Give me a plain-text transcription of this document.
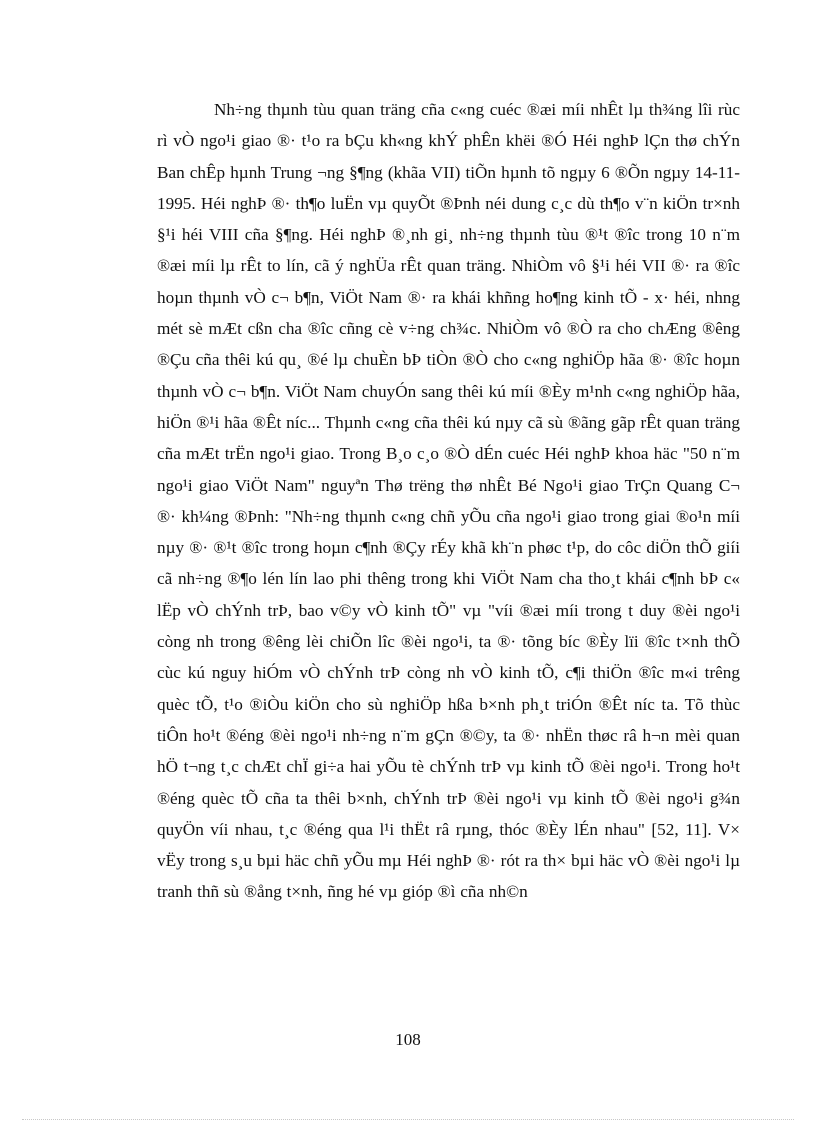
Nh÷ng thµnh tùu quan träng cña c«ng cuéc ®æi míi nhÊt lµ th¾ng lîi rùc rì vÒ ngo¹i giao ®· t¹o ra bÇu kh«ng khÝ phÊn khëi ®Ó Héi nghÞ lÇn thø chÝn Ban chÊp hµnh Trung ¬ng §¶ng (khãa VII) tiÕn hµnh tõ ngµy 6 ®Õn ngµy 14-11-1995. Héi nghÞ ®· th¶o luËn vµ quyÕt ®Þnh néi dung c¸c dù th¶o v¨n kiÖn tr×nh §¹i héi VIII cña §¶ng. Héi nghÞ ®¸nh gi¸ nh÷ng thµnh tùu ®¹t ®îc trong 10 n¨m ®æi míi lµ rÊt to lín, cã ý nghÜa rÊt quan träng. NhiÒm vô §¹i héi VII ®· ra ®îc hoµn thµnh vÒ c¬ b¶n, ViÖt Nam ®· ra khái khñng ho¶ng kinh tÕ - x· héi, nhng mét sè mÆt cßn cha ®îc cñng cè v÷ng ch¾c. NhiÒm vô ®Ò ra cho chÆng ®êng ®Çu cña thêi kú qu¸ ®é lµ chuÈn bÞ tiÒn ®Ò cho c«ng nghiÖp hãa ®· ®îc hoµn thµnh vÒ c¬ b¶n. ViÖt Nam chuyÓn sang thêi kú míi ®Èy m¹nh c«ng nghiÖp hãa, hiÖn ®¹i hãa ®Êt níc... Thµnh c«ng cña thêi kú nµy cã sù ®ãng gãp rÊt quan träng cña mÆt trËn ngo¹i giao. Trong B¸o c¸o ®Ò dÉn cuéc Héi nghÞ khoa häc "50 n¨m ngo¹i giao ViÖt Nam" nguyªn Thø trëng thø nhÊt Bé Ngo¹i giao TrÇn Quang C¬ ®· kh¼ng ®Þnh: "Nh÷ng thµnh c«ng chñ yÕu cña ngo¹i giao trong giai ®o¹n míi nµy ®· ®¹t ®îc trong hoµn c¶nh ®Çy rÉy khã kh¨n phøc t¹p, do côc diÖn thÕ giíi cã nh÷ng ®¶o lén lín lao phi thêng trong khi ViÖt Nam cha tho¸t khái c¶nh bÞ c« lËp vÒ chÝnh trÞ, bao v©y vÒ kinh tÕ" vµ "víi ®æi míi trong t duy ®èi ngo¹i còng nh trong ®êng lèi chiÕn lîc ®èi ngo¹i, ta ®· tõng bíc ®Èy lïi ®îc t×nh thÕ cùc kú nguy hiÓm vÒ chÝnh trÞ còng nh vÒ kinh tÕ, c¶i thiÖn ®îc m«i trêng quèc tÕ, t¹o ®iÒu kiÖn cho sù nghiÖp hßa b×nh ph¸t triÓn ®Êt níc ta. Tõ thùc tiÔn ho¹t ®éng ®èi ngo¹i nh÷ng n¨m gÇn ®©y, ta ®· nhËn thøc râ h¬n mèi quan hÖ t¬ng t¸c chÆt chÏ gi÷a hai yÕu tè chÝnh trÞ vµ kinh tÕ ®èi ngo¹i. Trong ho¹t ®éng quèc tÕ cña ta thêi b×nh, chÝnh trÞ ®èi ngo¹i vµ kinh tÕ ®èi ngo¹i g¾n quyÖn víi nhau, t¸c ®éng qua l¹i thËt râ rµng, thóc ®Èy lÉn nhau" [52, 11]. V× vËy trong s¸u bµi häc chñ yÕu mµ Héi nghÞ ®· rót ra th× bµi häc vÒ ®èi ngo¹i lµ tranh thñ sù ®ång t×nh, ñng hé vµ gióp ®ì cña nh©n

108
